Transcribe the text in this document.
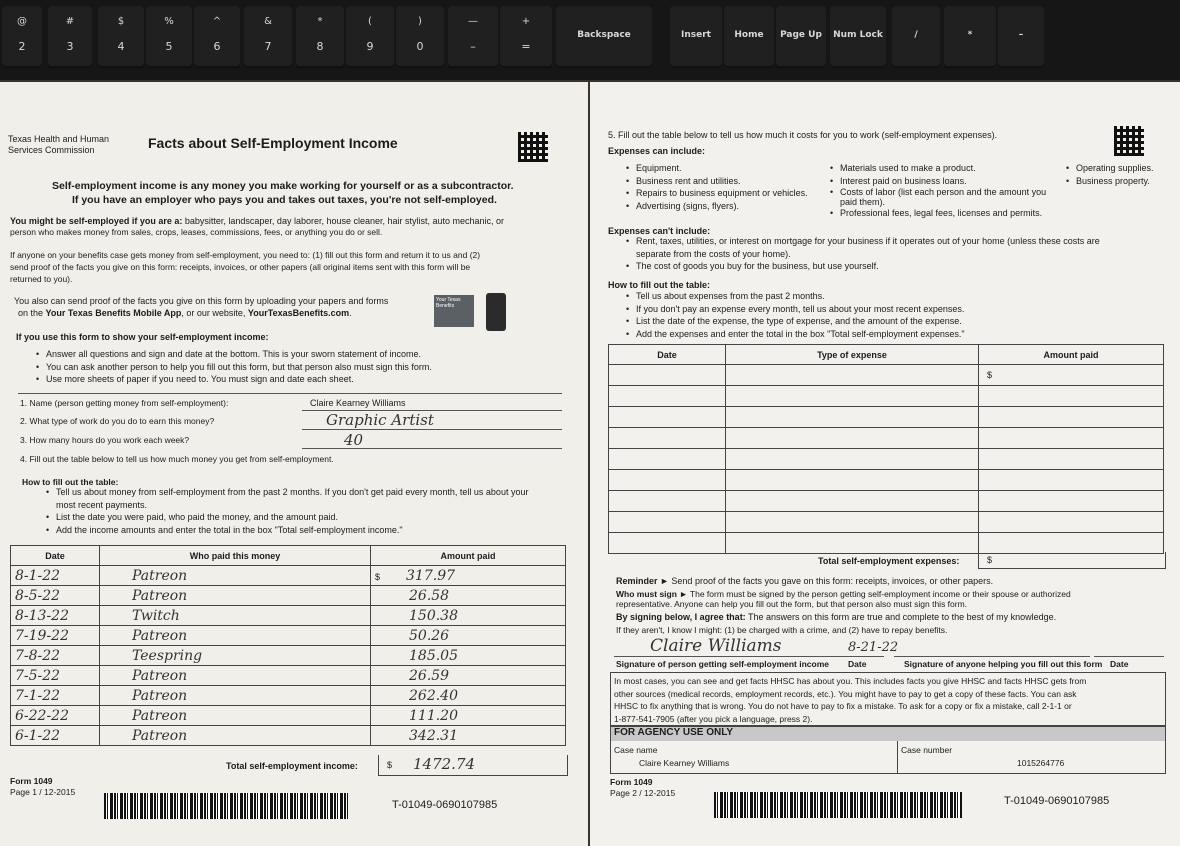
@
2
#
3
$
4
%
5
^
6
&
7
*
8
(
9
)
0
—
–
+
=
Backspace	Insert	Home	Page Up	Num Lock	/	*	–
Texas Health and Human
Services Commission	Facts about Self-Employment Income
Self-employment income is any money you make working for yourself or as a subcontractor.
If you have an employer who pays you and takes out taxes, you're not self-employed.
You might be self-employed if you are a: babysitter, landscaper, day laborer, house cleaner, hair stylist, auto mechanic, or
person who makes money from sales, crops, leases, commissions, fees, or anything you do or sell.
If anyone on your benefits case gets money from self-employment, you need to: (1) fill out this form and return it to us and (2)
send proof of the facts you give on this form: receipts, invoices, or other papers (all original items sent with this form will be
returned to you).
You also can send proof of the facts you give on this form by uploading your papers and forms
on the Your Texas Benefits Mobile App, or our website, YourTexasBenefits.com.
Your Texas Benefits
If you use this form to show your self-employment income:
• Answer all questions and sign and date at the bottom. This is your sworn statement of income.
• You can ask another person to help you fill out this form, but that person also must sign this form.
• Use more sheets of paper if you need to. You must sign and date each sheet.
1. Name (person getting money from self-employment):	Claire Kearney Williams
2. What type of work do you do to earn this money?	Graphic Artist
3. How many hours do you work each week?	40
4. Fill out the table below to tell us how much money you get from self-employment.
How to fill out the table:
• Tell us about money from self-employment from the past 2 months. If you don't get paid every month, tell us about your
most recent payments.
• List the date you were paid, who paid the money, and the amount paid.
• Add the income amounts and enter the total in the box "Total self-employment income."
Date	Who paid this money	Amount paid
8-1-22	Patreon	$ 317.97
8-5-22	Patreon	26.58
8-13-22	Twitch	150.38
7-19-22	Patreon	50.26
7-8-22	Teespring	185.05
7-5-22	Patreon	26.59
7-1-22	Patreon	262.40
6-22-22	Patreon	111.20
6-1-22	Patreon	342.31
Total self-employment income:	$ 1472.74
Form 1049
Page 1 / 12-2015
T-01049-0690107985
5. Fill out the table below to tell us how much it costs for you to work (self-employment expenses).
Expenses can include:
• Equipment.
• Business rent and utilities.
• Repairs to business equipment or vehicles.
• Advertising (signs, flyers).
• Materials used to make a product.
• Interest paid on business loans.
• Costs of labor (list each person and the amount you paid them).
• Professional fees, legal fees, licenses and permits.
• Operating supplies.
• Business property.
Expenses can't include:
• Rent, taxes, utilities, or interest on mortgage for your business if it operates out of your home (unless these costs are
separate from the costs of your home).
• The cost of goods you buy for the business, but use yourself.
How to fill out the table:
• Tell us about expenses from the past 2 months.
• If you don't pay an expense every month, tell us about your most recent expenses.
• List the date of the expense, the type of expense, and the amount of the expense.
• Add the expenses and enter the total in the box "Total self-employment expenses."
Date	Type of expense	Amount paid
		$

Total self-employment expenses:	$
Reminder ► Send proof of the facts you gave on this form: receipts, invoices, or other papers.
Who must sign ► The form must be signed by the person getting self-employment income or their spouse or authorized
representative. Anyone can help you fill out the form, but that person also must sign this form.
By signing below, I agree that: The answers on this form are true and complete to the best of my knowledge.
If they aren't, I know I might: (1) be charged with a crime, and (2) have to repay benefits.
Claire Williams	8-21-22
Signature of person getting self-employment income Date	Signature of anyone helping you fill out this form Date
In most cases, you can see and get facts HHSC has about you. This includes facts you give HHSC and facts HHSC gets from
other sources (medical records, employment records, etc.). You might have to pay to get a copy of these facts. You can ask
HHSC to fix anything that is wrong. You do not have to pay to fix a mistake. To ask for a copy or fix a mistake, call 2-1-1 or
1-877-541-7905 (after you pick a language, press 2).
FOR AGENCY USE ONLY
Case name
Claire Kearney Williams
Case number
1015264776
Form 1049
Page 2 / 12-2015
T-01049-0690107985
